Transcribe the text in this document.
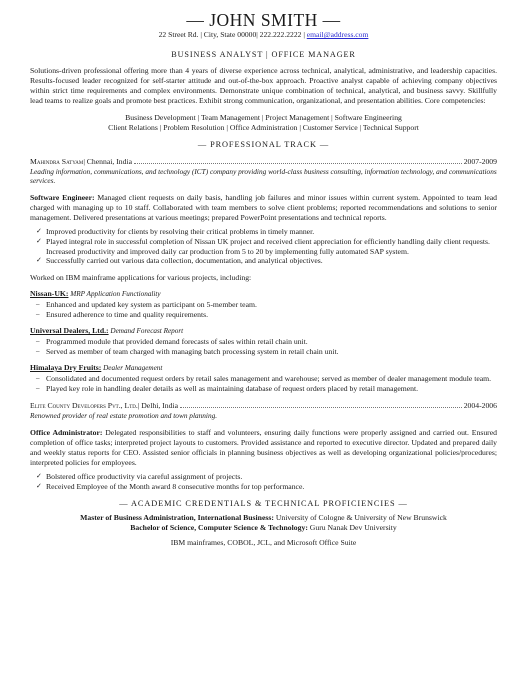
— JOHN SMITH —
22 Street Rd. | City, State 00000| 222.222.2222 | email@address.com
BUSINESS ANALYST | OFFICE MANAGER
Solutions-driven professional offering more than 4 years of diverse experience across technical, analytical, administrative, and leadership capacities. Results-focused leader recognized for self-starter attitude and out-of-the-box approach. Proactive analyst capable of achieving company objectives within strict time requirements and complex environments. Demonstrate unique combination of technical, analytical, and business savvy. Skillfully lead teams to realize goals and promote best practices. Exhibit strong communication, organizational, and presentation abilities. Core competencies:
Business Development | Team Management | Project Management | Software Engineering
Client Relations | Problem Resolution | Office Administration | Customer Service | Technical Support
— PROFESSIONAL TRACK —
Mahindra Satyam | Chennai, India	2007-2009
Leading information, communications, and technology (ICT) company providing world-class business consulting, information technology, and communications services.
Software Engineer: Managed client requests on daily basis, handling job failures and minor issues within current system. Appointed to team lead charged with managing up to 10 staff. Collaborated with team members to solve client problems; reported recommendations and solutions to senior management. Delivered presentations at various meetings; prepared PowerPoint presentations and technical reports.
✓ Improved productivity for clients by resolving their critical problems in timely manner.
✓ Played integral role in successful completion of Nissan UK project and received client appreciation for efficiently handling daily client requests. Increased productivity and improved daily car production from 5 to 20 by implementing fully automated SAP system.
✓ Successfully carried out various data collection, documentation, and analytical objectives.
Worked on IBM mainframe applications for various projects, including:
Nissan-UK: MRP Application Functionality
– Enhanced and updated key system as participant on 5-member team.
– Ensured adherence to time and quality requirements.
Universal Dealers, Ltd.: Demand Forecast Report
– Programmed module that provided demand forecasts of sales within retail chain unit.
– Served as member of team charged with managing batch processing system in retail chain unit.
Himalaya Dry Fruits: Dealer Management
– Consolidated and documented request orders by retail sales management and warehouse; served as member of dealer management module team.
– Played key role in handling dealer details as well as maintaining database of request orders placed by retail management.
Elite County Developers Pvt., Ltd. | Delhi, India	2004-2006
Renowned provider of real estate promotion and town planning.
Office Administrator: Delegated responsibilities to staff and volunteers, ensuring daily functions were properly assigned and carried out. Ensured completion of office tasks; interpreted project layouts to customers. Provided assistance and reported to executive director. Updated and prepared daily and weekly status reports for CEO. Assisted senior officials in planning business objectives as well as developing organizational policies/procedures; interpreted policies for employees.
✓ Bolstered office productivity via careful assignment of projects.
✓ Received Employee of the Month award 8 consecutive months for top performance.
— ACADEMIC CREDENTIALS & TECHNICAL PROFICIENCIES —
Master of Business Administration, International Business: University of Cologne & University of New Brunswick
Bachelor of Science, Computer Science & Technology: Guru Nanak Dev University
IBM mainframes, COBOL, JCL, and Microsoft Office Suite
